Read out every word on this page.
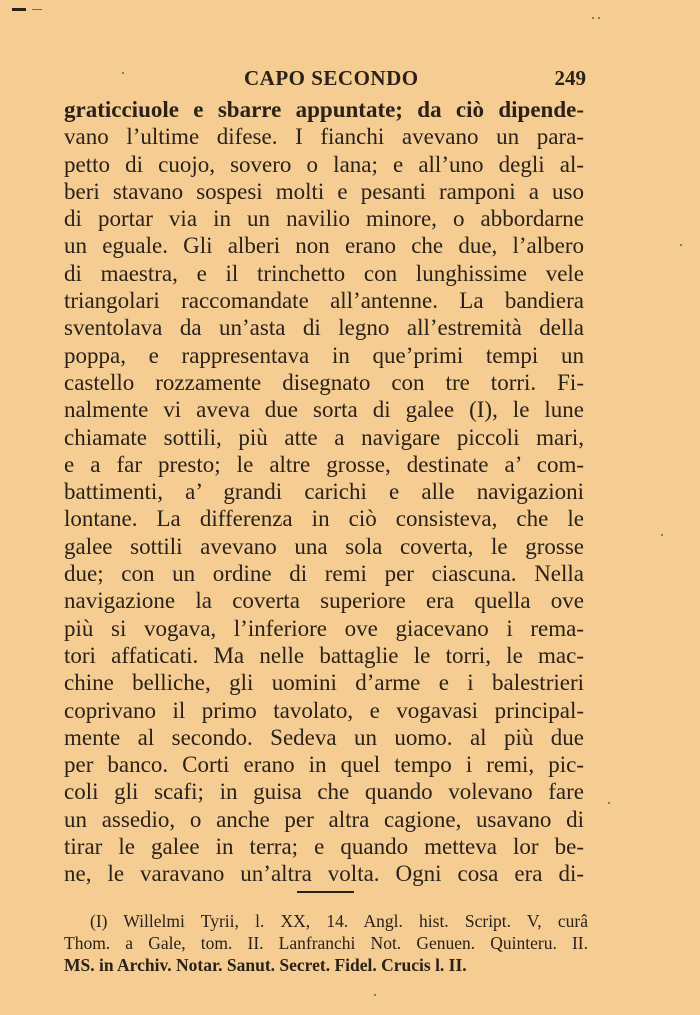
CAPO SECONDO	249
graticciuole e sbarre appuntate; da ciò dipende-
vano l’ultime difese. I fianchi avevano un para-
petto di cuojo, sovero o lana; e all’uno degli al-
beri stavano sospesi molti e pesanti ramponi a uso
di portar via in un navilio minore, o abbordarne
un eguale. Gli alberi non erano che due, l’albero
di maestra, e il trinchetto con lunghissime vele
triangolari raccomandate all’antenne. La bandiera
sventolava da un’asta di legno all’estremità della
poppa, e rappresentava in que’primi tempi un
castello rozzamente disegnato con tre torri. Fi-
nalmente vi aveva due sorta di galee (I), le lune
chiamate sottili, più atte a navigare piccoli mari,
e a far presto; le altre grosse, destinate a’ com-
battimenti, a’ grandi carichi e alle navigazioni
lontane. La differenza in ciò consisteva, che le
galee sottili avevano una sola coverta, le grosse
due; con un ordine di remi per ciascuna. Nella
navigazione la coverta superiore era quella ove
più si vogava, l’inferiore ove giacevano i rema-
tori affaticati. Ma nelle battaglie le torri, le mac-
chine belliche, gli uomini d’arme e i balestrieri
coprivano il primo tavolato, e vogavasi principal-
mente al secondo. Sedeva un uomo. al più due
per banco. Corti erano in quel tempo i remi, pic-
coli gli scafi; in guisa che quando volevano fare
un assedio, o anche per altra cagione, usavano di
tirar le galee in terra; e quando metteva lor be-
ne, le varavano un’altra volta. Ogni cosa era di-
(I) Willelmi Tyrii, l. XX, 14. Angl. hist. Script. V, curâ
Thom. a Gale, tom. II. Lanfranchi Not. Genuen. Quinteru. II.
MS. in Archiv. Notar. Sanut. Secret. Fidel. Crucis l. II.
